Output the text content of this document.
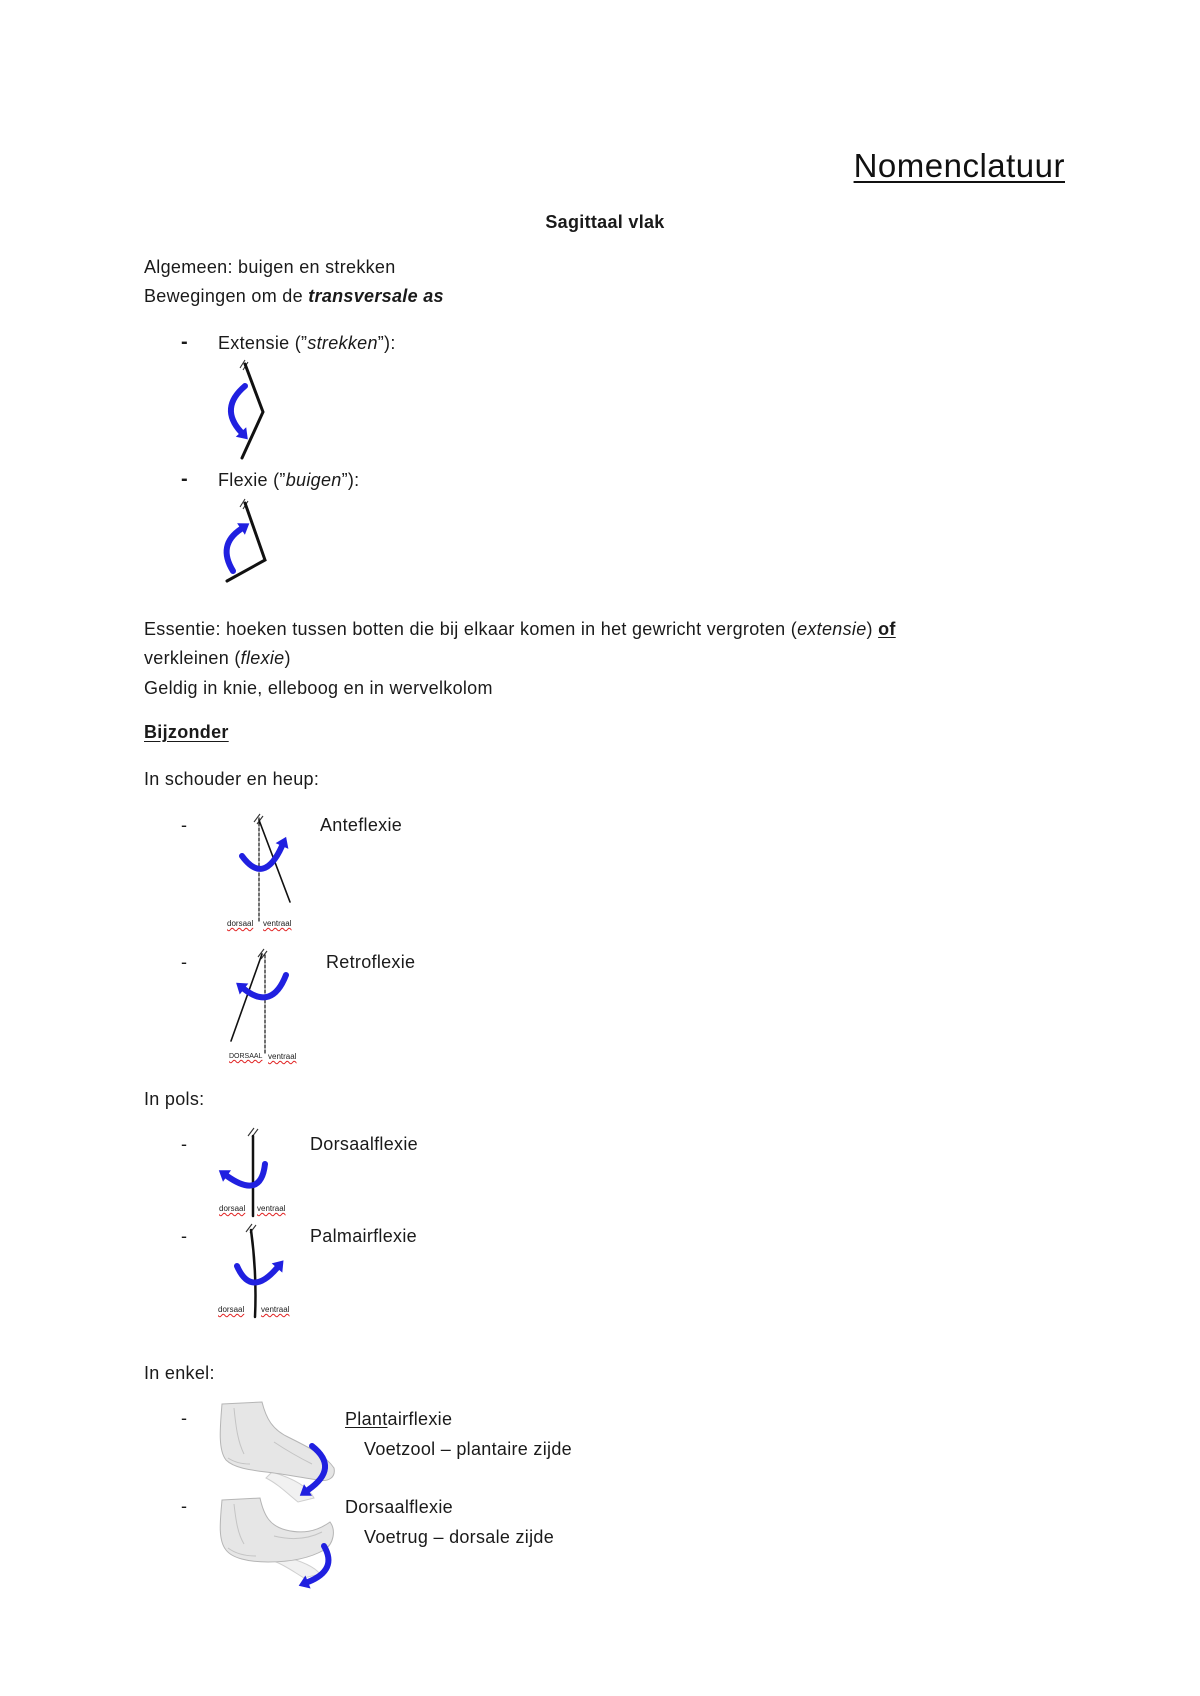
Nomenclatuur
Sagittaal vlak
Algemeen: buigen en strekken
Bewegingen om de transversale as
- Extensie (”strekken”):
- Flexie (”buigen”):
Essentie: hoeken tussen botten die bij elkaar komen in het gewricht vergroten (extensie) of
verkleinen (flexie)
Geldig in knie, elleboog en in wervelkolom
Bijzonder
In schouder en heup:
-	Anteflexie
dorsaal ventraal
-	Retroflexie
DORSAAL ventraal
In pols:
-	Dorsaalflexie
dorsaal ventraal
-	Palmairflexie
dorsaal ventraal
In enkel:
-	Plantairflexie
Voetzool – plantaire zijde
-	Dorsaalflexie
Voetrug – dorsale zijde
